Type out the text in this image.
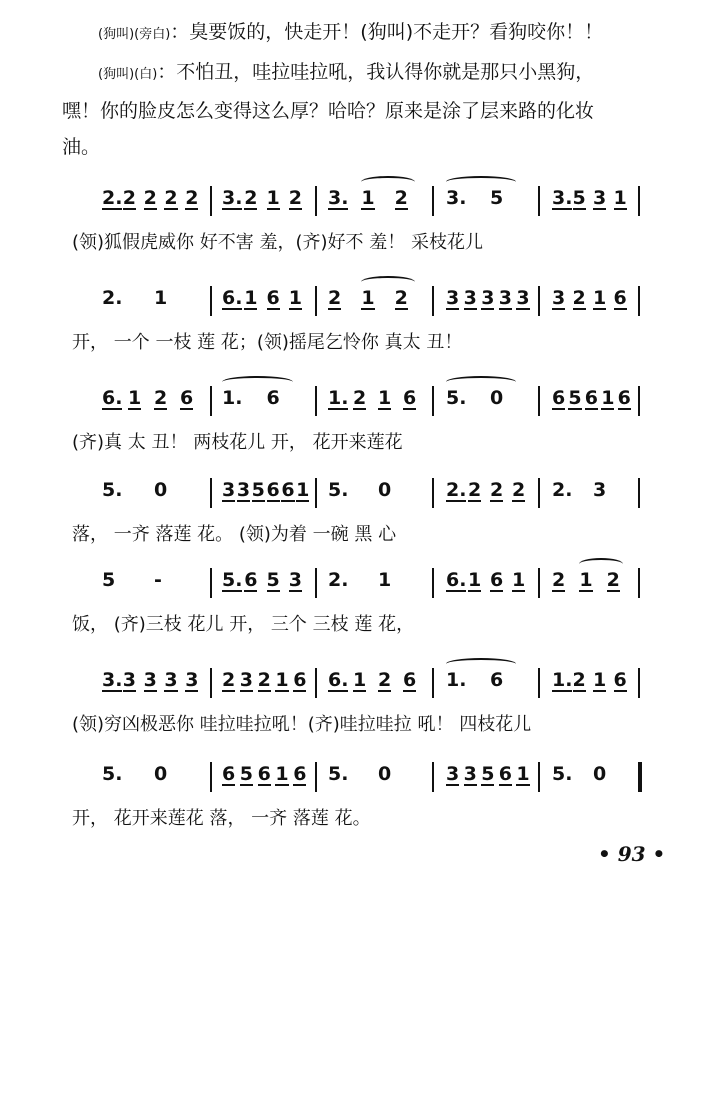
(狗叫)(旁白)：臭要饭的，快走开！(狗叫)不走开？看狗咬你！！

(狗叫)(白)：不怕丑，哇拉哇拉吼，我认得你就是那只小黑狗，
嘿！你的脸皮怎么变得这么厚？哈哈？原来是涂了层来路的化妆
油。

2. 2 2 2 2 3. 2 1 2 3. 1 2 3. 5	3. 5 3 1
(领)狐假虎威你 好不害 羞，(齐)好不 羞！ 采枝花儿
2. 1	6. 1 6 1 2 1 2 3 3 3 3 3 3 2 1 6
开， 一个 一枝 莲 花；(领)摇尾乞怜你 真太 丑！
6. 1 2 6 1. 6	1. 2 1 6 5. 0	6 5 6 1 6
(齐)真 太 丑！ 两枝花儿 开， 花开来莲花
5. 0	3 3 5 6 6 1 5. 0	2. 2 2 2 2. 3
落， 一齐 落莲 花。 (领)为着 一碗 黑 心
5 -	5. 6 5 3 2. 1	6. 1 6 1 2 1 2
饭， (齐)三枝 花儿 开， 三个 三枝 莲 花，
3. 3 3 3 3 2 3 2 1 6 6. 1 2 6 1. 6	1. 2 1 6
(领)穷凶极恶你 哇拉哇拉吼！(齐)哇拉哇拉 吼！ 四枝花儿
5. 0	6 5 6 1 6 5. 0	3 3 5 6 1 5. 0
开， 花开来莲花 落， 一齐 落莲 花。
• 93 •
